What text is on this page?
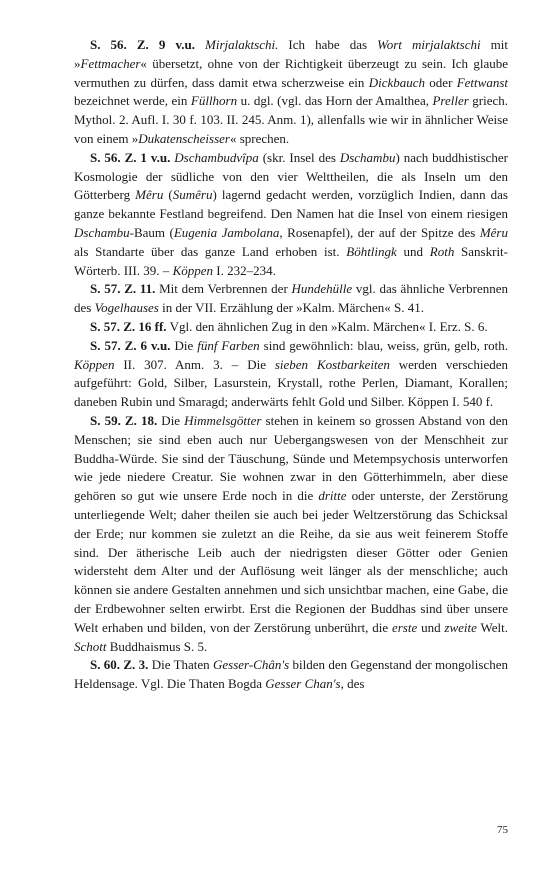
S. 56. Z. 9 v.u. Mirjalaktschi. Ich habe das Wort mirjalaktschi mit »Fettmacher« übersetzt, ohne von der Richtigkeit überzeugt zu sein. Ich glaube vermuthen zu dürfen, dass damit etwa scherzweise ein Dickbauch oder Fettwanst bezeichnet werde, ein Füllhorn u. dgl. (vgl. das Horn der Amalthea, Preller griech. Mythol. 2. Aufl. I. 30 f. 103. II. 245. Anm. 1), allenfalls wie wir in ähnlicher Weise von einem »Dukatenscheisser« sprechen.

S. 56. Z. 1 v.u. Dschambudvîpa (skr. Insel des Dschambu) nach buddhistischer Kosmologie der südliche von den vier Welttheilen, die als Inseln um den Götterberg Mêru (Sumêru) lagernd gedacht werden, vorzüglich Indien, dann das ganze bekannte Festland begreifend. Den Namen hat die Insel von einem riesigen Dschambu-Baum (Eugenia Jambolana, Rosenapfel), der auf der Spitze des Mêru als Standarte über das ganze Land erhoben ist. Böhtlingk und Roth Sanskrit-Wörterb. III. 39. – Köppen I. 232–234.

S. 57. Z. 11. Mit dem Verbrennen der Hundehülle vgl. das ähnliche Verbrennen des Vogelhauses in der VII. Erzählung der »Kalm. Märchen« S. 41.

S. 57. Z. 16 ff. Vgl. den ähnlichen Zug in den »Kalm. Märchen« I. Erz. S. 6.

S. 57. Z. 6 v.u. Die fünf Farben sind gewöhnlich: blau, weiss, grün, gelb, roth. Köppen II. 307. Anm. 3. – Die sieben Kostbarkeiten werden verschieden aufgeführt: Gold, Silber, Lasurstein, Krystall, rothe Perlen, Diamant, Korallen; daneben Rubin und Smaragd; anderwärts fehlt Gold und Silber. Köppen I. 540 f.

S. 59. Z. 18. Die Himmelsgötter stehen in keinem so grossen Abstand von den Menschen; sie sind eben auch nur Uebergangswesen von der Menschheit zur Buddha-Würde. Sie sind der Täuschung, Sünde und Metempsychosis unterworfen wie jede niedere Creatur. Sie wohnen zwar in den Götterhimmeln, aber diese gehören so gut wie unsere Erde noch in die dritte oder unterste, der Zerstörung unterliegende Welt; daher theilen sie auch bei jeder Weltzerstörung das Schicksal der Erde; nur kommen sie zuletzt an die Reihe, da sie aus weit feinerem Stoffe sind. Der ätherische Leib auch der niedrigsten dieser Götter oder Genien widersteht dem Alter und der Auflösung weit länger als der menschliche; auch können sie andere Gestalten annehmen und sich unsichtbar machen, eine Gabe, die der Erdbewohner selten erwirbt. Erst die Regionen der Buddhas sind über unsere Welt erhaben und bilden, von der Zerstörung unberührt, die erste und zweite Welt. Schott Buddhaismus S. 5.

S. 60. Z. 3. Die Thaten Gesser-Chân's bilden den Gegenstand der mongolischen Heldensage. Vgl. Die Thaten Bogda Gesser Chan's, des

75
